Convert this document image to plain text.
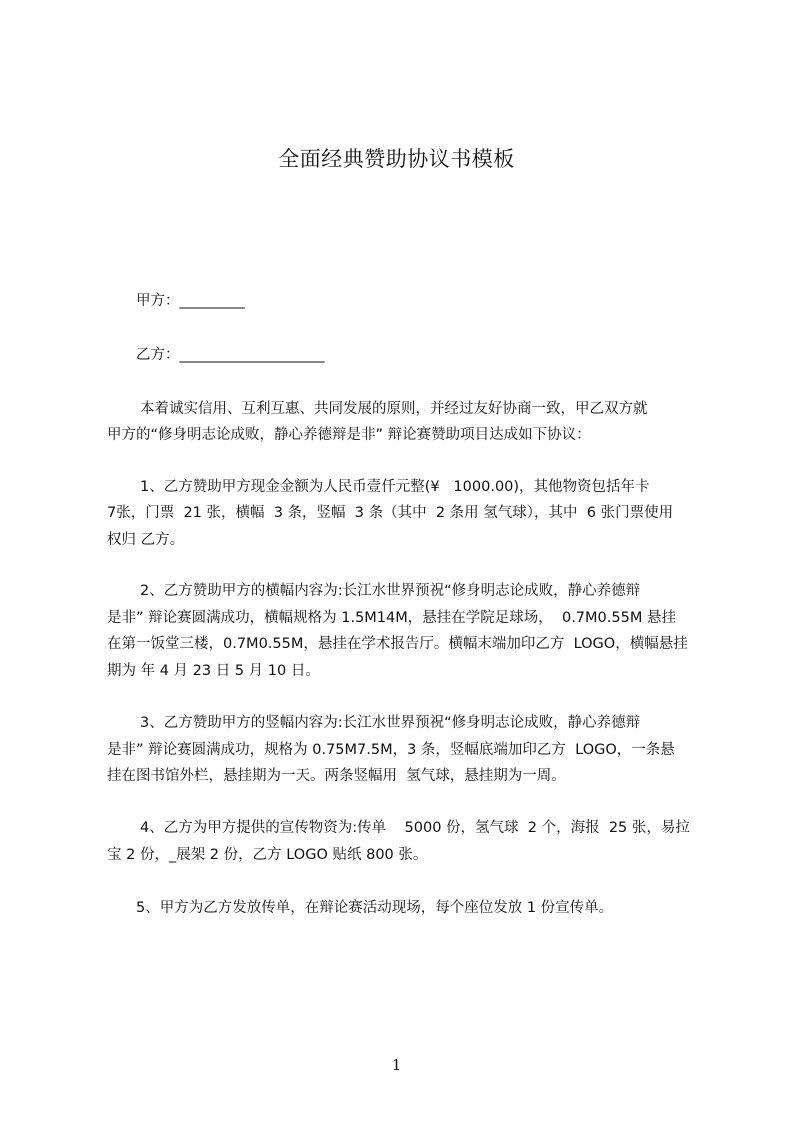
全面经典赞助协议书模板

甲方：_________

乙方：____________________

本着诚实信用、互利互惠、共同发展的原则，并经过友好协商一致，甲乙双方就

甲方的“修身明志论成败，静心养德辩是非” 辩论赛赞助项目达成如下协议：

1、乙方赞助甲方现金金额为人民币壹仟元整(¥   1000.00)，其他物资包括年卡

7张，门票  21 张，横幅  3 条，竖幅  3 条（其中  2 条用 氢气球），其中  6 张门票使用

权归 乙方。

2、乙方赞助甲方的横幅内容为:长江水世界预祝“修身明志论成败，静心养德辩

是非” 辩论赛圆满成功，横幅规格为 1.5M14M，悬挂在学院足球场，  0.7M0.55M 悬挂

在第一饭堂三楼，0.7M0.55M，悬挂在学术报告厅。横幅末端加印乙方  LOGO，横幅悬挂

期为 年 4 月 23 日 5 月 10 日。

3、乙方赞助甲方的竖幅内容为:长江水世界预祝“修身明志论成败，静心养德辩

是非” 辩论赛圆满成功，规格为 0.75M7.5M，3 条，竖幅底端加印乙方  LOGO，一条悬

挂在图书馆外栏，悬挂期为一天。两条竖幅用  氢气球，悬挂期为一周。

4、乙方为甲方提供的宣传物资为:传单    5000 份，氢气球  2 个，海报  25 张，易拉

宝 2 份，_展架 2 份，乙方 LOGO 贴纸 800 张。

5、甲方为乙方发放传单，在辩论赛活动现场，每个座位发放 1 份宣传单。

1
